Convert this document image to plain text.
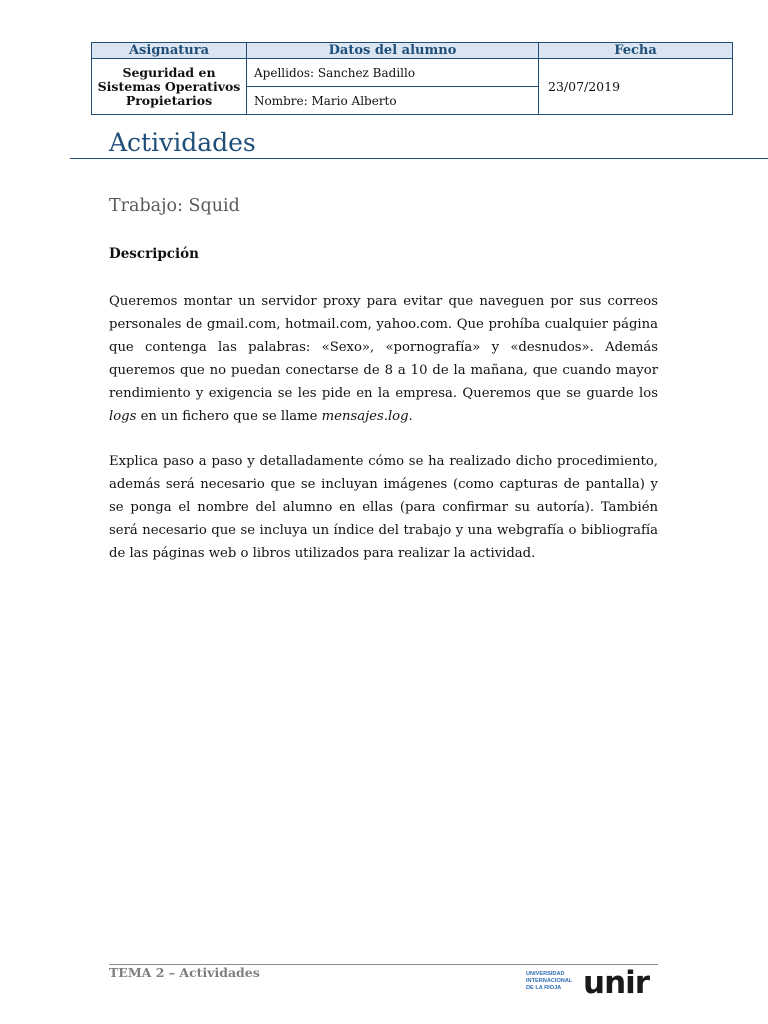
Asignatura	Datos del alumno	Fecha

Seguridad en
Sistemas Operativos
Propietarios	Apellidos: Sanchez Badillo	23/07/2019
	Nombre: Mario Alberto	
Actividades
Trabajo: Squid
Descripción

Queremos montar un servidor proxy para evitar que naveguen por sus correos personales de gmail.com, hotmail.com, yahoo.com. Que prohíba cualquier página que contenga las palabras: «Sexo», «pornografía» y «desnudos». Además queremos que no puedan conectarse de 8 a 10 de la mañana, que cuando mayor rendimiento y exigencia se les pide en la empresa. Queremos que se guarde los logs en un fichero que se llame mensajes.log.

Explica paso a paso y detalladamente cómo se ha realizado dicho procedimiento, además será necesario que se incluyan imágenes (como capturas de pantalla) y se ponga el nombre del alumno en ellas (para confirmar su autoría). También será necesario que se incluya un índice del trabajo y una webgrafía o bibliografía de las páginas web o libros utilizados para realizar la actividad.

TEMA 2 – Actividades	UNIVERSIDAD
INTERNACIONAL
DE LA RIOJA unir
